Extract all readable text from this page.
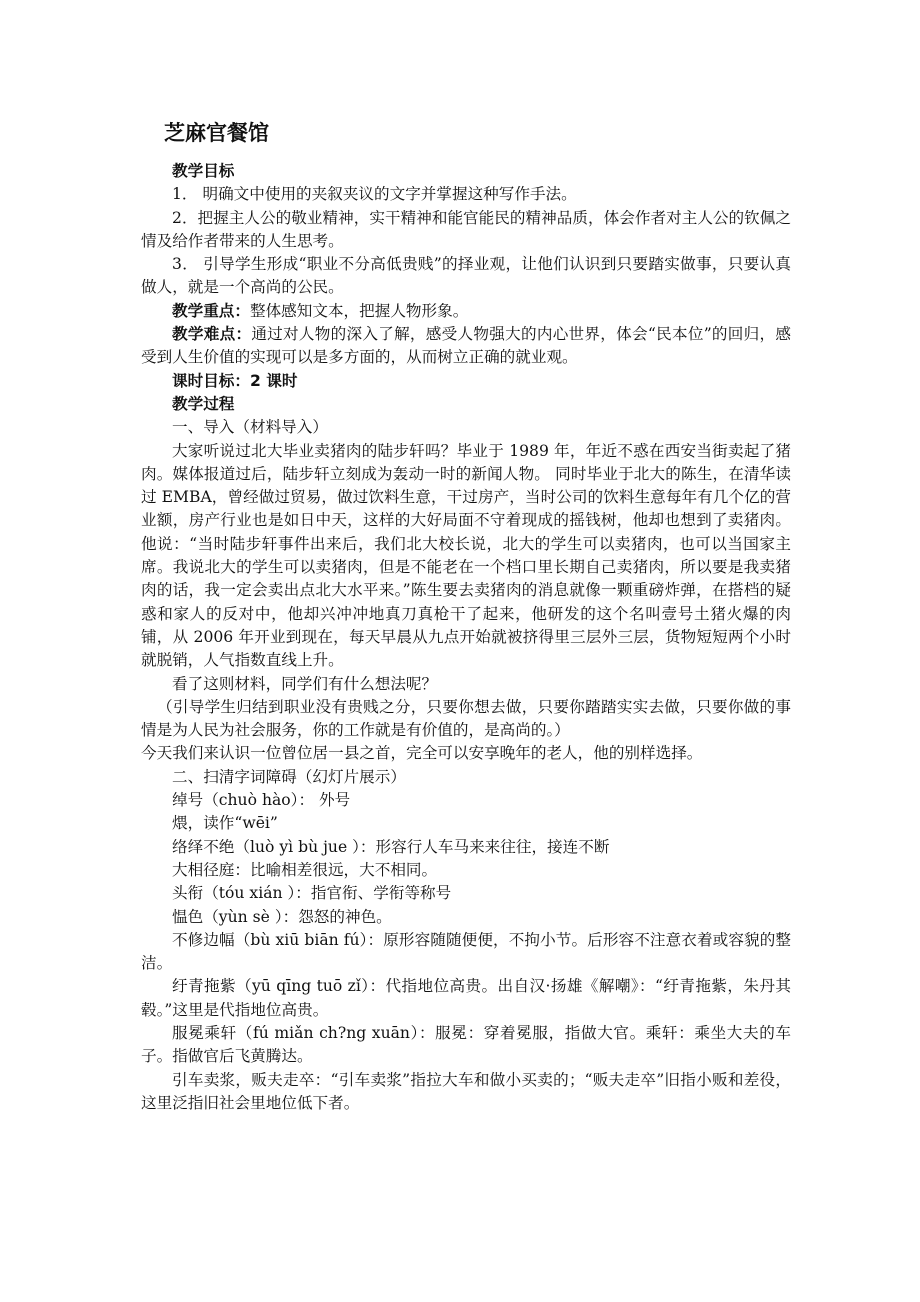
芝麻官餐馆

教学目标

1． 明确文中使用的夹叙夹议的文字并掌握这种写作手法。

2．把握主人公的敬业精神，实干精神和能官能民的精神品质，体会作者对主人公的钦佩之情及给作者带来的人生思考。

3． 引导学生形成“职业不分高低贵贱”的择业观，让他们认识到只要踏实做事，只要认真做人，就是一个高尚的公民。

教学重点：整体感知文本，把握人物形象。

教学难点：通过对人物的深入了解，感受人物强大的内心世界，体会“民本位”的回归，感受到人生价值的实现可以是多方面的，从而树立正确的就业观。

课时目标：2 课时

教学过程

一、导入（材料导入）

大家听说过北大毕业卖猪肉的陆步轩吗？毕业于 1989 年，年近不惑在西安当街卖起了猪肉。媒体报道过后，陆步轩立刻成为轰动一时的新闻人物。 同时毕业于北大的陈生，在清华读过 EMBA，曾经做过贸易，做过饮料生意，干过房产，当时公司的饮料生意每年有几个亿的营业额，房产行业也是如日中天，这样的大好局面不守着现成的摇钱树，他却也想到了卖猪肉。他说：“当时陆步轩事件出来后，我们北大校长说，北大的学生可以卖猪肉，也可以当国家主席。我说北大的学生可以卖猪肉，但是不能老在一个档口里长期自己卖猪肉，所以要是我卖猪肉的话，我一定会卖出点北大水平来。”陈生要去卖猪肉的消息就像一颗重磅炸弹，在搭档的疑惑和家人的反对中，他却兴冲冲地真刀真枪干了起来，他研发的这个名叫壹号土猪火爆的肉铺，从 2006 年开业到现在，每天早晨从九点开始就被挤得里三层外三层，货物短短两个小时就脱销，人气指数直线上升。

看了这则材料，同学们有什么想法呢？

（引导学生归结到职业没有贵贱之分，只要你想去做，只要你踏踏实实去做，只要你做的事情是为人民为社会服务，你的工作就是有价值的，是高尚的。）

今天我们来认识一位曾位居一县之首，完全可以安享晚年的老人，他的别样选择。

二、扫清字词障碍（幻灯片展示）

绰号（chuò hào）： 外号

煨，读作“wēi”

络绎不绝（luò yì bù jue ）：形容行人车马来来往往，接连不断

大相径庭：比喻相差很远，大不相同。

头衔（tóu xián ）：指官衔、学衔等称号

愠色（yùn sè ）：怨怒的神色。

不修边幅（bù xiū biān fú）：原形容随随便便，不拘小节。后形容不注意衣着或容貌的整洁。

纡青拖紫（yū qīng tuō zǐ）：代指地位高贵。出自汉·扬雄《解嘲》：“纡青拖紫，朱丹其毂。”这里是代指地位高贵。

服冕乘轩（fú miǎn ch?ng xuān）：服冕：穿着冕服，指做大官。乘轩：乘坐大夫的车子。指做官后飞黄腾达。

引车卖浆，贩夫走卒：“引车卖浆”指拉大车和做小买卖的；“贩夫走卒”旧指小贩和差役，这里泛指旧社会里地位低下者。
